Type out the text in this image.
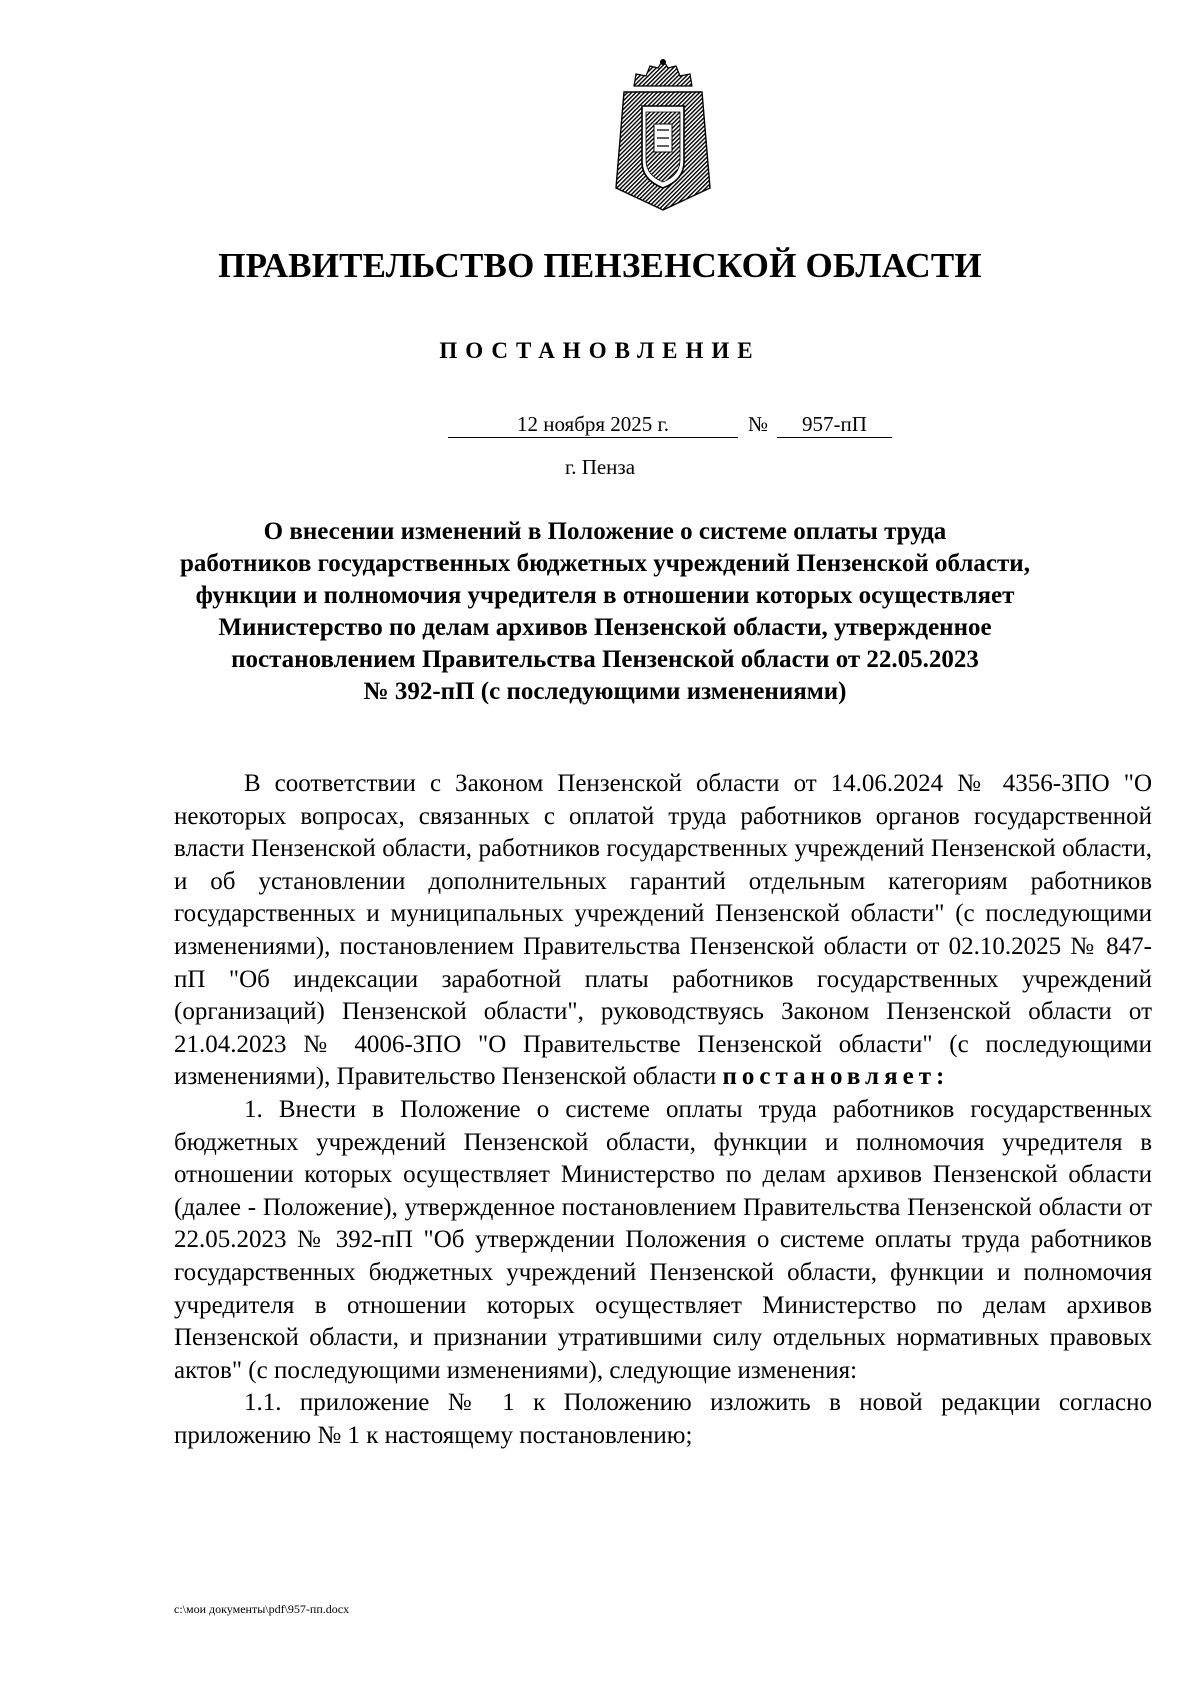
ПРАВИТЕЛЬСТВО ПЕНЗЕНСКОЙ ОБЛАСТИ
ПОСТАНОВЛЕНИЕ
12 ноября 2025 г.	№	957-пП
г. Пенза
О внесении изменений в Положение о системе оплаты труда
работников государственных бюджетных учреждений Пензенской области,
функции и полномочия учредителя в отношении которых осуществляет
Министерство по делам архивов Пензенской области, утвержденное
постановлением Правительства Пензенской области от 22.05.2023
№ 392-пП (с последующими изменениями)

В соответствии с Законом Пензенской области от 14.06.2024 № 4356-ЗПО "О некоторых вопросах, связанных с оплатой труда работников органов государственной власти Пензенской области, работников государственных учреждений Пензенской области, и об установлении дополнительных гарантий отдельным категориям работников государственных и муниципальных учреждений Пензенской области" (с последующими изменениями), постановлением Правительства Пензенской области от 02.10.2025 № 847-пП "Об индексации заработной платы работников государственных учреждений (организаций) Пензенской области", руководствуясь Законом Пензенской области от 21.04.2023 № 4006-ЗПО "О Правительстве Пензенской области" (с последующими изменениями), Правительство Пензенской области постановляет:

1. Внести в Положение о системе оплаты труда работников государственных бюджетных учреждений Пензенской области, функции и полномочия учредителя в отношении которых осуществляет Министерство по делам архивов Пензенской области (далее - Положение), утвержденное постановлением Правительства Пензенской области от 22.05.2023 № 392-пП "Об утверждении Положения о системе оплаты труда работников государственных бюджетных учреждений Пензенской области, функции и полномочия учредителя в отношении которых осуществляет Министерство по делам архивов Пензенской области, и признании утратившими силу отдельных нормативных правовых актов" (с последующими изменениями), следующие изменения:

1.1. приложение № 1 к Положению изложить в новой редакции согласно приложению № 1 к настоящему постановлению;

c:\мои документы\pdf\957-пп.docx
